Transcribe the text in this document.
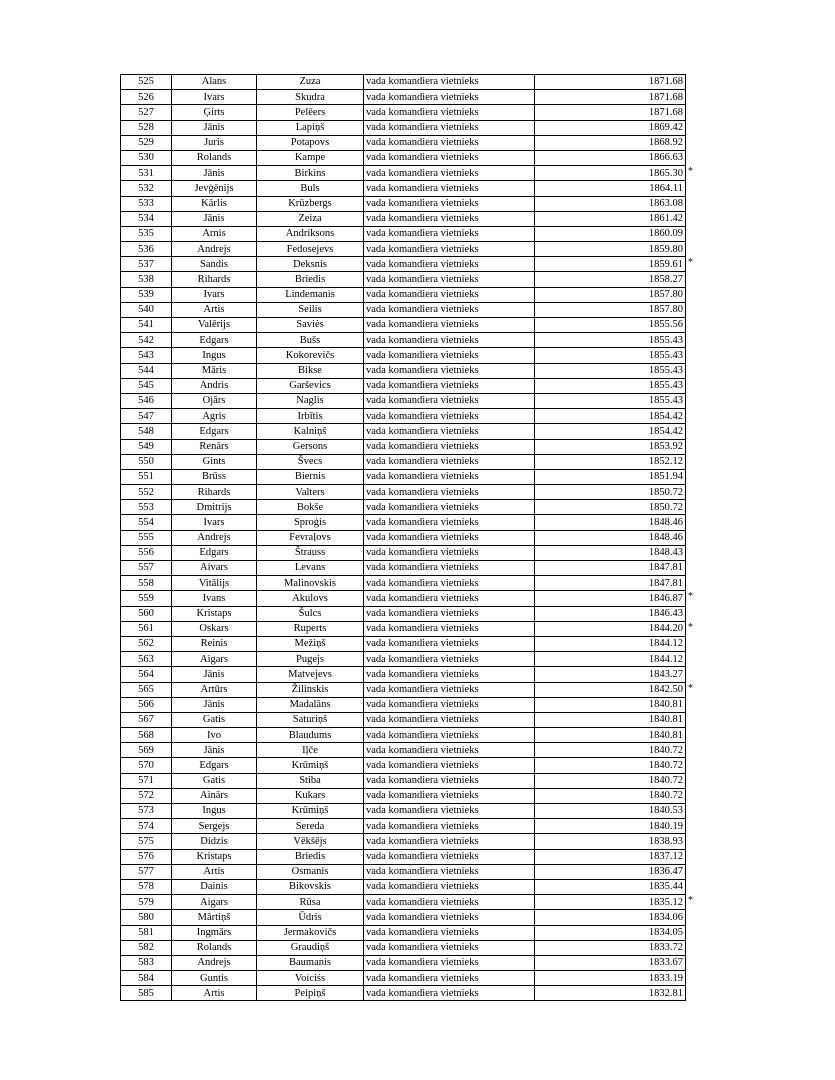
525	Alans	Zuza	vada komandiera vietnieks	1871.68
526	Ivars	Skudra	vada komandiera vietnieks	1871.68
527	Ģirts	Pelēers	vada komandiera vietnieks	1871.68
528	Jānis	Lapiņš	vada komandiera vietnieks	1869.42
529	Juris	Potapovs	vada komandiera vietnieks	1868.92
530	Rolands	Kampe	vada komandiera vietnieks	1866.63
531	Jānis	Birkins	vada komandiera vietnieks	1865.30 *

532	Jevģēnijs	Buls	vada komandiera vietnieks	1864.11
533	Kārlis	Krūzbergs	vada komandiera vietnieks	1863.08
534	Jānis	Zeiza	vada komandiera vietnieks	1861.42
535	Arnis	Andriksons	vada komandiera vietnieks	1860.09
536	Andrejs	Fedosejevs	vada komandiera vietnieks	1859.80
537	Sandis	Deksnis	vada komandiera vietnieks	1859.61 *

538	Rihards	Briedis	vada komandiera vietnieks	1858.27
539	Ivars	Lindemanis	vada komandiera vietnieks	1857.80
540	Artis	Seilis	vada komandiera vietnieks	1857.80
541	Valērijs	Saviės	vada komandiera vietnieks	1855.56
542	Edgars	Bušs	vada komandiera vietnieks	1855.43
543	Ingus	Kokorevičs	vada komandiera vietnieks	1855.43
544	Māris	Bikse	vada komandiera vietnieks	1855.43
545	Andris	Garševics	vada komandiera vietnieks	1855.43
546	Ojārs	Naglis	vada komandiera vietnieks	1855.43
547	Agris	Irbītis	vada komandiera vietnieks	1854.42
548	Edgars	Kalniņš	vada komandiera vietnieks	1854.42
549	Renārs	Gersons	vada komandiera vietnieks	1853.92
550	Gints	Švecs	vada komandiera vietnieks	1852.12
551	Brūss	Biernis	vada komandiera vietnieks	1851.94
552	Rihards	Valters	vada komandiera vietnieks	1850.72
553	Dmitrijs	Bokše	vada komandiera vietnieks	1850.72
554	Ivars	Sproģis	vada komandiera vietnieks	1848.46
555	Andrejs	Fevraļovs	vada komandiera vietnieks	1848.46
556	Edgars	Štrauss	vada komandiera vietnieks	1848.43
557	Aivars	Levans	vada komandiera vietnieks	1847.81
558	Vitālijs	Malinovskis	vada komandiera vietnieks	1847.81
559	Ivans	Akulovs	vada komandiera vietnieks	1846.87 *

560	Kristaps	Šulcs	vada komandiera vietnieks	1846.43
561	Oskars	Ruperts	vada komandiera vietnieks	1844.20 *

562	Reinis	Mežiņš	vada komandiera vietnieks	1844.12
563	Aigars	Pugejs	vada komandiera vietnieks	1844.12
564	Jānis	Matvejevs	vada komandiera vietnieks	1843.27
565	Artūrs	Žilinskis	vada komandiera vietnieks	1842.50 *

566	Jānis	Madalāns	vada komandiera vietnieks	1840.81
567	Gatis	Saturiņš	vada komandiera vietnieks	1840.81
568	Ivo	Blaudums	vada komandiera vietnieks	1840.81
569	Jānis	Iļče	vada komandiera vietnieks	1840.72
570	Edgars	Krūmiņš	vada komandiera vietnieks	1840.72
571	Gatis	Stiba	vada komandiera vietnieks	1840.72
572	Ainārs	Kukars	vada komandiera vietnieks	1840.72
573	Ingus	Krūmiņš	vada komandiera vietnieks	1840.53
574	Sergejs	Sereda	vada komandiera vietnieks	1840.19
575	Didzis	Vēkšējs	vada komandiera vietnieks	1838.93
576	Kristaps	Briedis	vada komandiera vietnieks	1837.12
577	Artis	Osmanis	vada komandiera vietnieks	1836.47
578	Dainis	Bikovskis	vada komandiera vietnieks	1835.44
579	Aigars	Rūsa	vada komandiera vietnieks	1835.12 *

580	Mārtiņš	Ūdris	vada komandiera vietnieks	1834.06
581	Ingmārs	Jermakovičs	vada komandiera vietnieks	1834.05
582	Rolands	Graudiņš	vada komandiera vietnieks	1833.72
583	Andrejs	Baumanis	vada komandiera vietnieks	1833.67
584	Guntis	Voiciśs	vada komandiera vietnieks	1833.19
585	Artis	Peipiņš	vada komandiera vietnieks	1832.81
